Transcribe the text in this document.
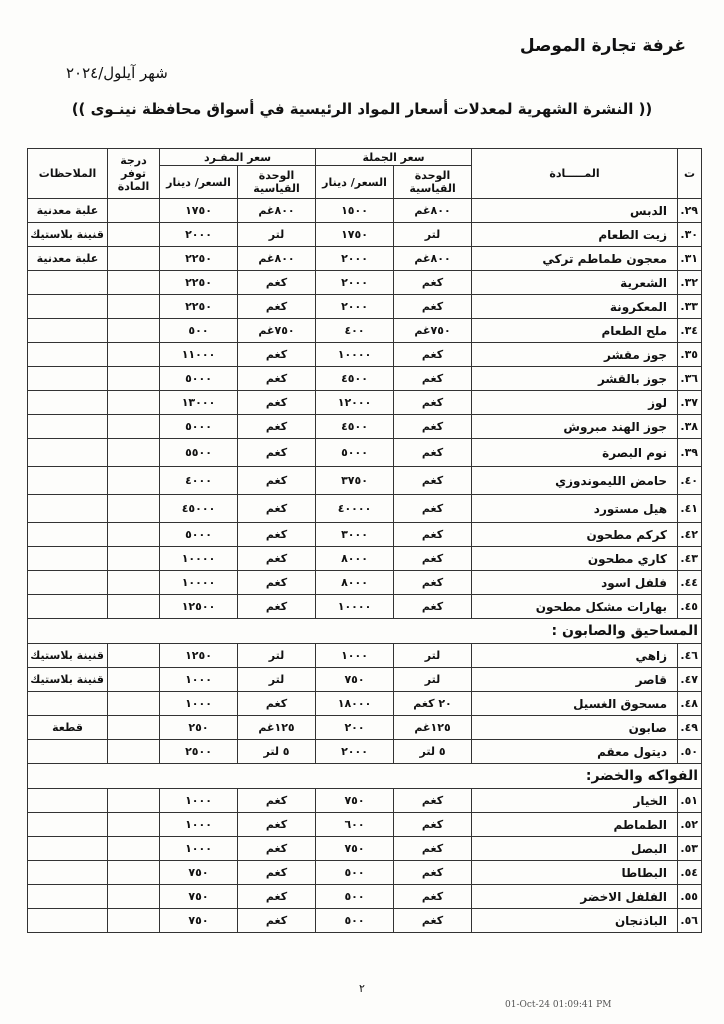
غرفة تجارة الموصل
شهر آيلول/٢٠٢٤
(( النشرة الشهرية لمعدلات أسعار المواد الرئيسية في أسواق محافظة نينـوى ))
ت	المـــــادة	سعر الجملة		سعر المفـرد		درجة توفر المادة	الملاحظات
		الوحدة القياسية	السعر/ دينار	الوحدة القياسية	السعر/ دينار		
٢٩.	الدبس	٨٠٠غم	١٥٠٠	٨٠٠غم	١٧٥٠		علبة معدنية
٣٠.	زيت الطعام	لتر	١٧٥٠	لتر	٢٠٠٠		قنينة بلاستيك
٣١.	معجون طماطم تركي	٨٠٠غم	٢٠٠٠	٨٠٠غم	٢٢٥٠		علبة معدنية
٣٢.	الشعرية	كغم	٢٠٠٠	كغم	٢٢٥٠		
٣٣.	المعكرونة	كغم	٢٠٠٠	كغم	٢٢٥٠		
٣٤.	ملح الطعام	٧٥٠غم	٤٠٠	٧٥٠غم	٥٠٠		
٣٥.	جوز مقشر	كغم	١٠٠٠٠	كغم	١١٠٠٠		
٣٦.	جوز بالقشر	كغم	٤٥٠٠	كغم	٥٠٠٠		
٣٧.	لوز	كغم	١٢٠٠٠	كغم	١٣٠٠٠		
٣٨.	جوز الهند مبروش	كغم	٤٥٠٠	كغم	٥٠٠٠		
٣٩.	نوم البصرة	كغم	٥٠٠٠	كغم	٥٥٠٠		
٤٠.	حامض الليموندوزي	كغم	٣٧٥٠	كغم	٤٠٠٠		
٤١.	هيل مستورد	كغم	٤٠٠٠٠	كغم	٤٥٠٠٠		
٤٢.	كركم مطحون	كغم	٣٠٠٠	كغم	٥٠٠٠		
٤٣.	كاري مطحون	كغم	٨٠٠٠	كغم	١٠٠٠٠		
٤٤.	فلفل اسود	كغم	٨٠٠٠	كغم	١٠٠٠٠		
٤٥.	بهارات مشكل مطحون	كغم	١٠٠٠٠	كغم	١٢٥٠٠		
المساحيق والصابون :							
٤٦.	زاهي	لتر	١٠٠٠	لتر	١٢٥٠		قنينة بلاستيك
٤٧.	قاصر	لتر	٧٥٠	لتر	١٠٠٠		قنينة بلاستيك
٤٨.	مسحوق الغسيل	٢٠ كغم	١٨٠٠٠	كغم	١٠٠٠		
٤٩.	صابون	١٢٥غم	٢٠٠	١٢٥غم	٢٥٠		قطعة
٥٠.	ديتول معقم	٥ لتر	٢٠٠٠	٥ لتر	٢٥٠٠		
الفواكه والخضر:							
٥١.	الخيار	كغم	٧٥٠	كغم	١٠٠٠		
٥٢.	الطماطم	كغم	٦٠٠	كغم	١٠٠٠		
٥٣.	البصل	كغم	٧٥٠	كغم	١٠٠٠		
٥٤.	البطاطا	كغم	٥٠٠	كغم	٧٥٠		
٥٥.	الفلفل الاخضر	كغم	٥٠٠	كغم	٧٥٠		
٥٦.	الباذنجان	كغم	٥٠٠	كغم	٧٥٠		
٢
01-Oct-24 01:09:41 PM
